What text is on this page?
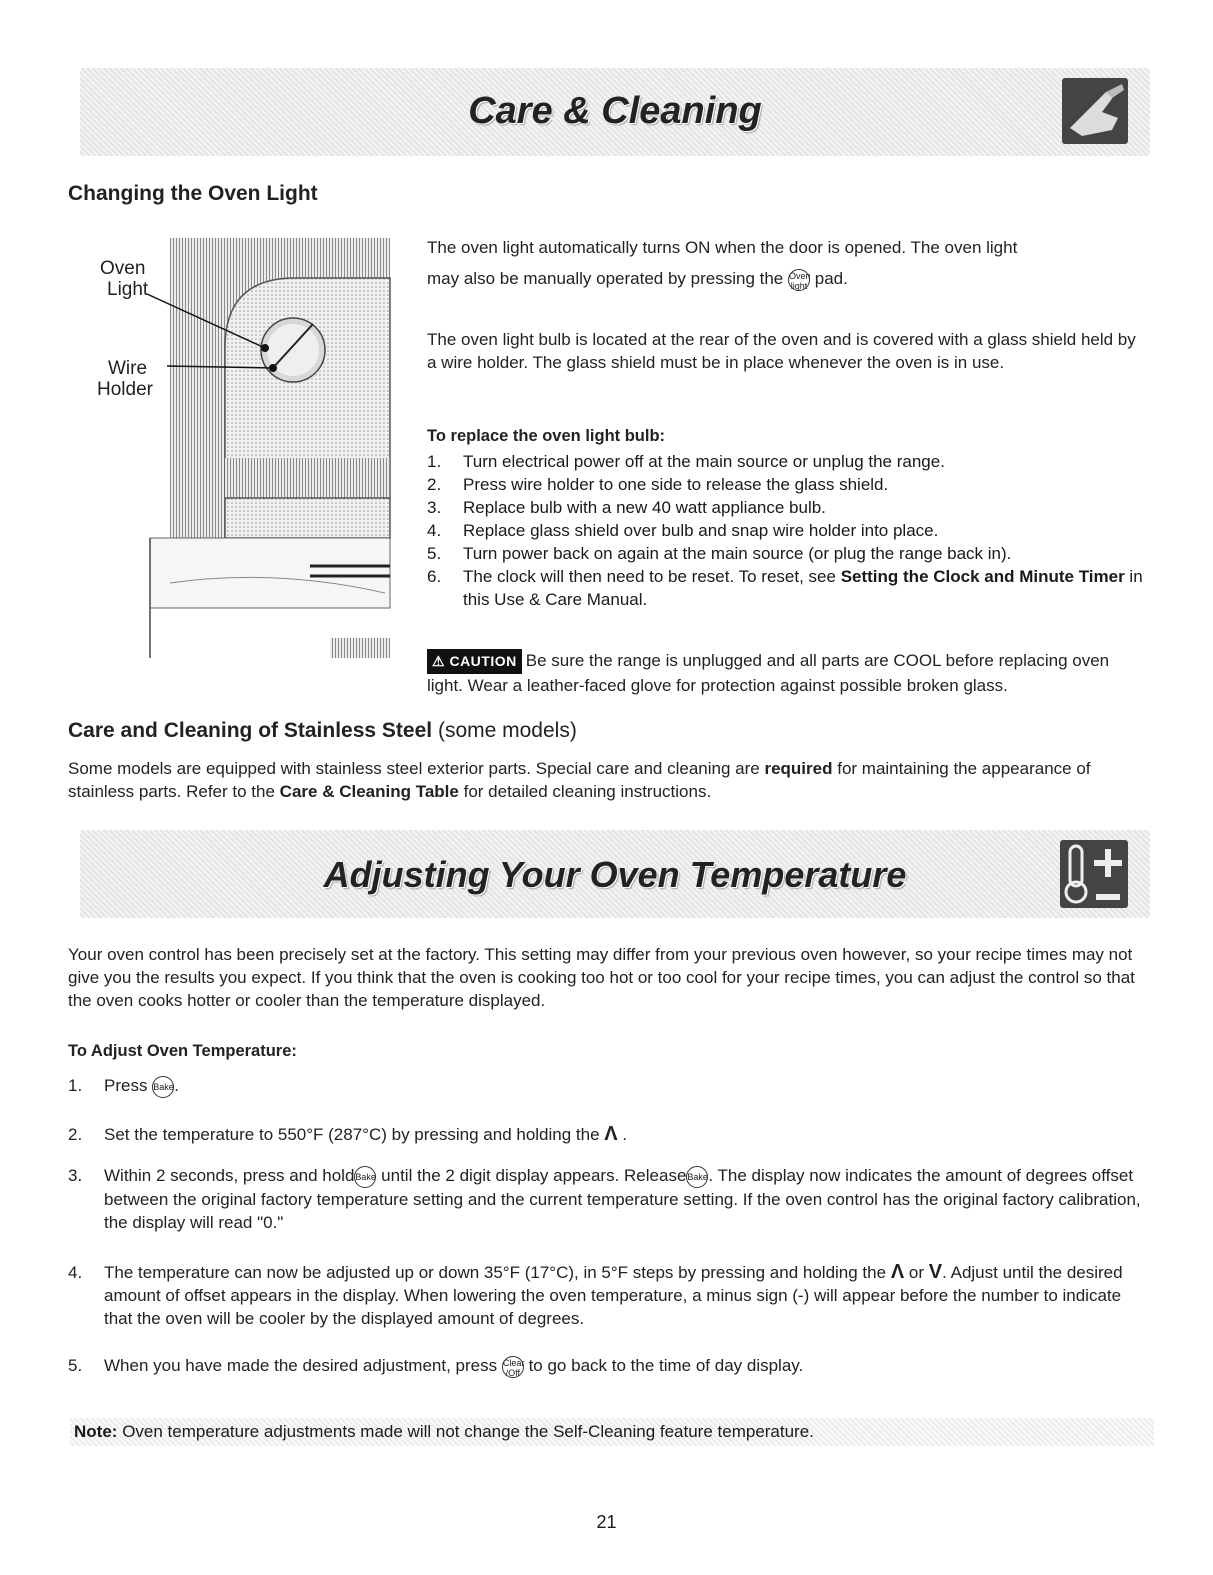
Care & Cleaning
Changing the Oven Light
Oven
Light
Wire
Holder
The oven light automatically turns ON when the door is opened. The oven light
may also be manually operated by pressing the Oven
light pad.
The oven light bulb is located at the rear of the oven and is covered with a glass shield held by a wire holder. The glass shield must be in place whenever the oven is in use.
To replace the oven light bulb:
1. Turn electrical power off at the main source or unplug the range.
2. Press wire holder to one side to release the glass shield.
3. Replace bulb with a new 40 watt appliance bulb.
4. Replace glass shield over bulb and snap wire holder into place.
5. Turn power back on again at the main source (or plug the range back in).
6. The clock will then need to be reset. To reset, see Setting the Clock and Minute Timer in this Use & Care Manual.
⚠ CAUTION Be sure the range is unplugged and all parts are COOL before replacing oven light. Wear a leather-faced glove for protection against possible broken glass.
Care and Cleaning of Stainless Steel (some models)
Some models are equipped with stainless steel exterior parts. Special care and cleaning are required for maintaining the appearance of stainless parts. Refer to the Care & Cleaning Table for detailed cleaning instructions.
Adjusting Your Oven Temperature
Your oven control has been precisely set at the factory. This setting may differ from your previous oven however, so your recipe times may not give you the results you expect. If you think that the oven is cooking too hot or too cool for your recipe times, you can adjust the control so that the oven cooks hotter or cooler than the temperature displayed.
To Adjust Oven Temperature:
1. Press Bake.
2. Set the temperature to 550°F (287°C) by pressing and holding the Λ .
3. Within 2 seconds, press and holdBake until the 2 digit display appears. ReleaseBake. The display now indicates the amount of degrees offset between the original factory temperature setting and the current temperature setting. If the oven control has the original factory calibration, the display will read "0."
4. The temperature can now be adjusted up or down 35°F (17°C), in 5°F steps by pressing and holding the Λ or V. Adjust until the desired amount of offset appears in the display. When lowering the oven temperature, a minus sign (-) will appear before the number to indicate that the oven will be cooler by the displayed amount of degrees.
5. When you have made the desired adjustment, press Clear
/Off to go back to the time of day display.
Note: Oven temperature adjustments made will not change the Self-Cleaning feature temperature.
21
